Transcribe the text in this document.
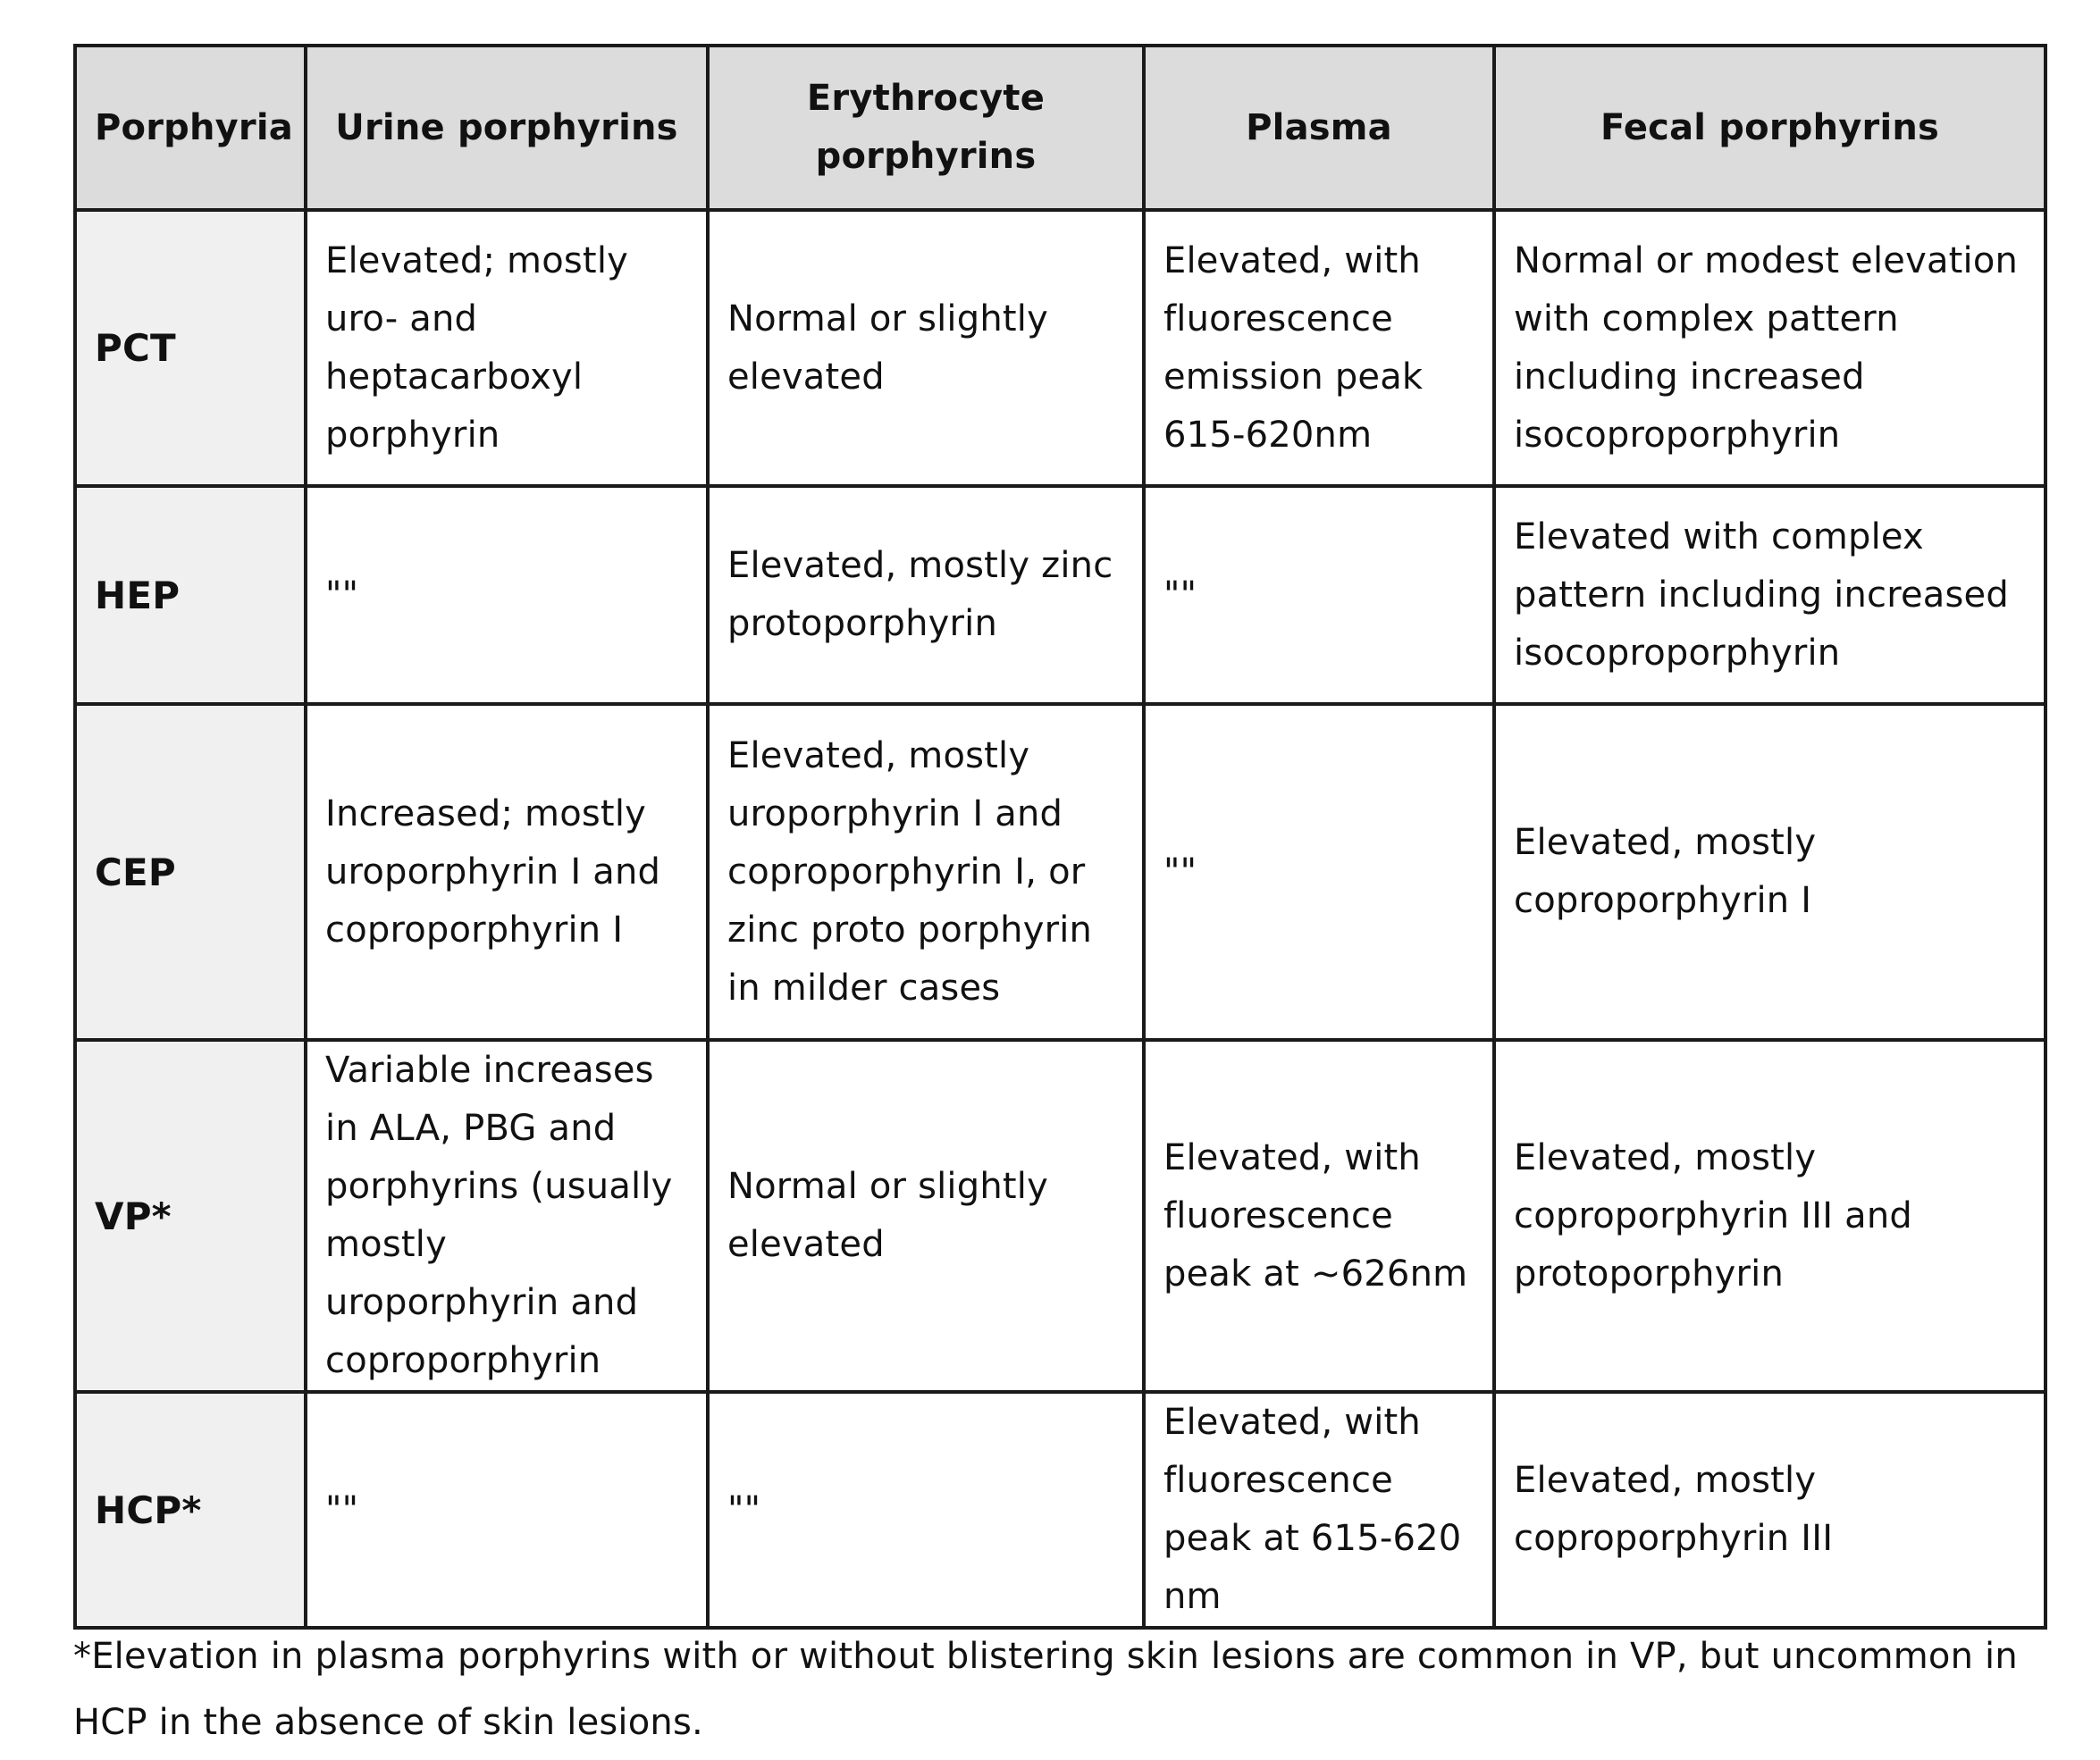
Porphyria	Urine porphyrins	Erythrocyte porphyrins	Plasma	Fecal porphyrins
PCT	Elevated; mostly uro- and heptacarboxyl porphyrin	Normal or slightly elevated	Elevated, with fluorescence emission peak 615-620nm	Normal or modest elevation with complex pattern including increased isocoproporphyrin
HEP	""	Elevated, mostly zinc protoporphyrin	""	Elevated with complex pattern including increased isocoproporphyrin
CEP	Increased; mostly uroporphyrin I and coproporphyrin I	Elevated, mostly uroporphyrin I and coproporphyrin I, or zinc proto porphyrin in milder cases	""	Elevated, mostly coproporphyrin I
VP*	Variable increases in ALA, PBG and porphyrins (usually mostly uroporphyrin and coproporphyrin	Normal or slightly elevated	Elevated, with fluorescence peak at ~626nm	Elevated, mostly coproporphyrin III and protoporphyrin
HCP*	""	""	Elevated, with fluorescence peak at 615-620 nm	Elevated, mostly coproporphyrin III
*Elevation in plasma porphyrins with or without blistering skin lesions are common in VP, but uncommon in HCP in the absence of skin lesions.
